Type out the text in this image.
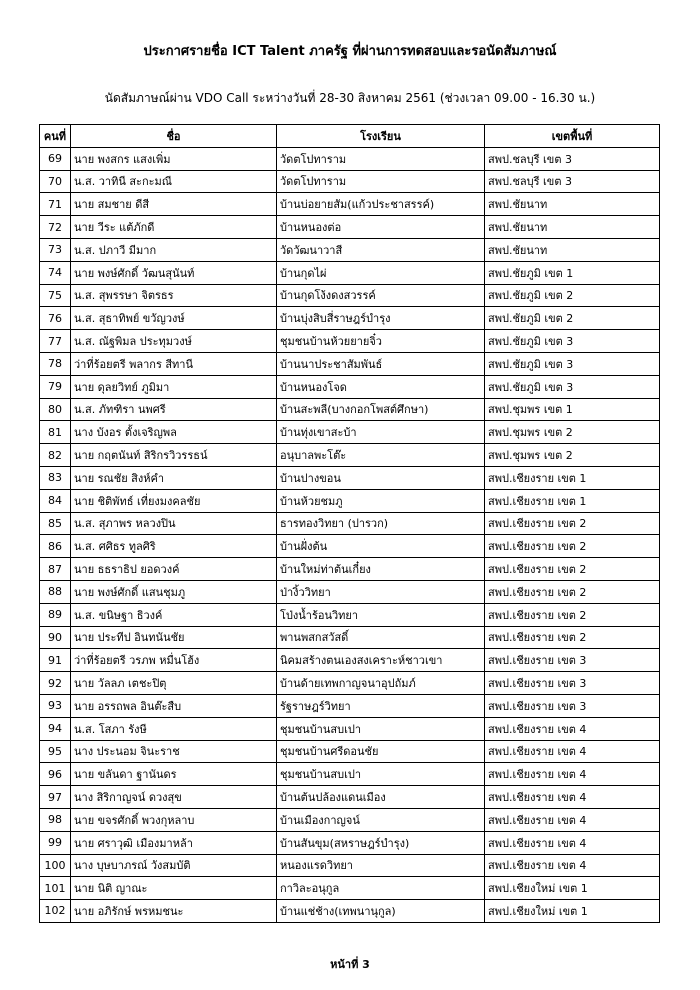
ประกาศรายชื่อ ICT Talent ภาครัฐ ที่ผ่านการทดสอบและรอนัดสัมภาษณ์
นัดสัมภาษณ์ผ่าน VDO Call ระหว่างวันที่ 28-30 สิงหาคม 2561 (ช่วงเวลา 09.00 - 16.30 น.)
คนที่	ชื่อ	โรงเรียน	เขตพื้นที่
69	นาย พงสกร แสงเพิ่ม	วัดตโปทาราม	สพป.ชลบุรี เขต 3
70	น.ส. วาทินี สะกะมณี	วัดตโปทาราม	สพป.ชลบุรี เขต 3
71	นาย สมชาย ดีสี	บ้านบ่อยายสัม(แก้วประชาสรรค์)	สพป.ชัยนาท
72	นาย วีระ แต้ภักดี	บ้านหนองต่อ	สพป.ชัยนาท
73	น.ส. ปภาวี มีมาก	วัดวัฒนาวาสี	สพป.ชัยนาท
74	นาย พงษ์ศักดิ์ วัฒนสุนันท์	บ้านกุดไผ่	สพป.ชัยภูมิ เขต 1
75	น.ส. สุพรรษา จิตรธร	บ้านกุดโง้งดงสวรรค์	สพป.ชัยภูมิ เขต 2
76	น.ส. สุธาทิพย์ ขวัญวงษ์	บ้านบุ่งสิบสี่ราษฎร์บำรุง	สพป.ชัยภูมิ เขต 2
77	น.ส. ณัฐพิมล ประทุมวงษ์	ชุมชนบ้านห้วยยายจิ๋ว	สพป.ชัยภูมิ เขต 3
78	ว่าที่ร้อยตรี พลากร สีทานี	บ้านนาประชาสัมพันธ์	สพป.ชัยภูมิ เขต 3
79	นาย ดุลยวิทย์ ภูมิมา	บ้านหนองโจด	สพป.ชัยภูมิ เขต 3
80	น.ส. ภัทฑิรา นพศรี	บ้านสะพลี(บางกอกโพสต์ศึกษา)	สพป.ชุมพร เขต 1
81	นาง บังอร ตั้งเจริญพล	บ้านทุ่งเขาสะบ้า	สพป.ชุมพร เขต 2
82	นาย กฤตนันท์ สิริกรวิวรรธน์	อนุบาลพะโต๊ะ	สพป.ชุมพร เขต 2
83	นาย รณชัย สิงห์คำ	บ้านปางขอน	สพป.เชียงราย เขต 1
84	นาย ชิติพัทธ์ เที่ยงมงคลชัย	บ้านห้วยชมภู	สพป.เชียงราย เขต 1
85	น.ส. สุภาพร หลวงปิน	ธารทองวิทยา (ปารวก)	สพป.เชียงราย เขต 2
86	น.ส. ศศิธร ทูลศิริ	บ้านฝั่งต้น	สพป.เชียงราย เขต 2
87	นาย ธธราธิป ยอดวงค์	บ้านใหม่ท่าต้นเกี๋ยง	สพป.เชียงราย เขต 2
88	นาย พงษ์ศักดิ์ แสนชุมภู	ป่างิ้ววิทยา	สพป.เชียงราย เขต 2
89	น.ส. ขนิษฐา ธิวงค์	โป่งน้ำร้อนวิทยา	สพป.เชียงราย เขต 2
90	นาย ประทีป อินทนันชัย	พานพสกสวัสดิ์	สพป.เชียงราย เขต 2
91	ว่าที่ร้อยตรี วรภพ หมื่นโฮ้ง	นิคมสร้างตนเองสงเคราะห์ชาวเขา	สพป.เชียงราย เขต 3
92	นาย วัลลภ เตชะปิตุ	บ้านด้ายเทพกาญจนาอุปถัมภ์	สพป.เชียงราย เขต 3
93	นาย อรรถพล อินต๊ะสืบ	รัฐราษฎร์วิทยา	สพป.เชียงราย เขต 3
94	น.ส. โสภา รังษี	ชุมชนบ้านสบเปา	สพป.เชียงราย เขต 4
95	นาง ประนอม จินะราช	ชุมชนบ้านศรีดอนชัย	สพป.เชียงราย เขต 4
96	นาย ขลันดา ฐานันดร	ชุมชนบ้านสบเปา	สพป.เชียงราย เขต 4
97	นาง สิริกาญจน์ ดวงสุข	บ้านต้นปล้องแดนเมือง	สพป.เชียงราย เขต 4
98	นาย ขจรศักดิ์ พวงกุหลาบ	บ้านเมืองกาญจน์	สพป.เชียงราย เขต 4
99	นาย ศราวุฒิ เมืองมาหล้า	บ้านสันขุม(สหราษฎร์บำรุง)	สพป.เชียงราย เขต 4
100	นาง บุษบาภรณ์ วังสมบัติ	หนองแรดวิทยา	สพป.เชียงราย เขต 4
101	นาย นิติ ญาณะ	กาวิละอนุกูล	สพป.เชียงใหม่ เขต 1
102	นาย อภิรักษ์ พรหมชนะ	บ้านแช่ช้าง(เทพนานุกูล)	สพป.เชียงใหม่ เขต 1
หน้าที่ 3
